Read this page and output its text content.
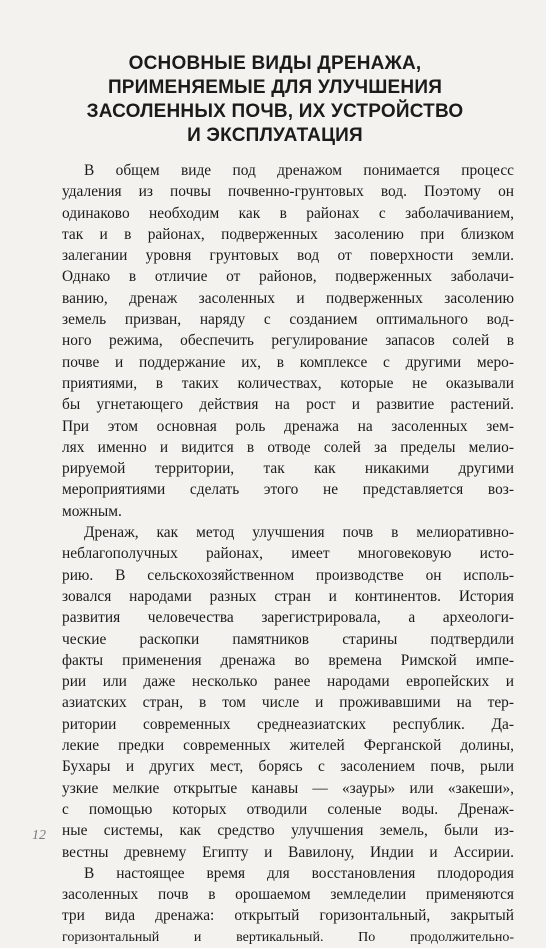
ОСНОВНЫЕ ВИДЫ ДРЕНАЖА,
ПРИМЕНЯЕМЫЕ ДЛЯ УЛУЧШЕНИЯ
ЗАСОЛЕННЫХ ПОЧВ, ИХ УСТРОЙСТВО
И ЭКСПЛУАТАЦИЯ
В общем виде под дренажом понимается процесс
удаления из почвы почвенно-грунтовых вод. Поэтому он
одинаково необходим как в районах с заболачиванием,
так и в районах, подверженных засолению при близком
залегании уровня грунтовых вод от поверхности земли.
Однако в отличие от районов, подверженных заболачи-
ванию, дренаж засоленных и подверженных засолению
земель призван, наряду с созданием оптимального вод-
ного режима, обеспечить регулирование запасов солей в
почве и поддержание их, в комплексе с другими меро-
приятиями, в таких количествах, которые не оказывали
бы угнетающего действия на рост и развитие растений.
При этом основная роль дренажа на засоленных зем-
лях именно и видится в отводе солей за пределы мелио-
рируемой территории, так как никакими другими
мероприятиями сделать этого не представляется воз-
можным.
Дренаж, как метод улучшения почв в мелиоративно-
неблагополучных районах, имеет многовековую исто-
рию. В сельскохозяйственном производстве он исполь-
зовался народами разных стран и континентов. История
развития человечества зарегистрировала, а археологи-
ческие раскопки памятников старины подтвердили
факты применения дренажа во времена Римской импе-
рии или даже несколько ранее народами европейских и
азиатских стран, в том числе и проживавшими на тер-
ритории современных среднеазиатских республик. Да-
лекие предки современных жителей Ферганской долины,
Бухары и других мест, борясь с засолением почв, рыли
узкие мелкие открытые канавы — «зауры» или «закеши»,
с помощью которых отводили соленые воды. Дренаж-
ные системы, как средство улучшения земель, были из-
вестны древнему Египту и Вавилону, Индии и Ассирии.
В настоящее время для восстановления плодородия
засоленных почв в орошаемом земледелии применяются
три вида дренажа: открытый горизонтальный, закрытый
горизонтальный и вертикальный. По продолжительно-
12
